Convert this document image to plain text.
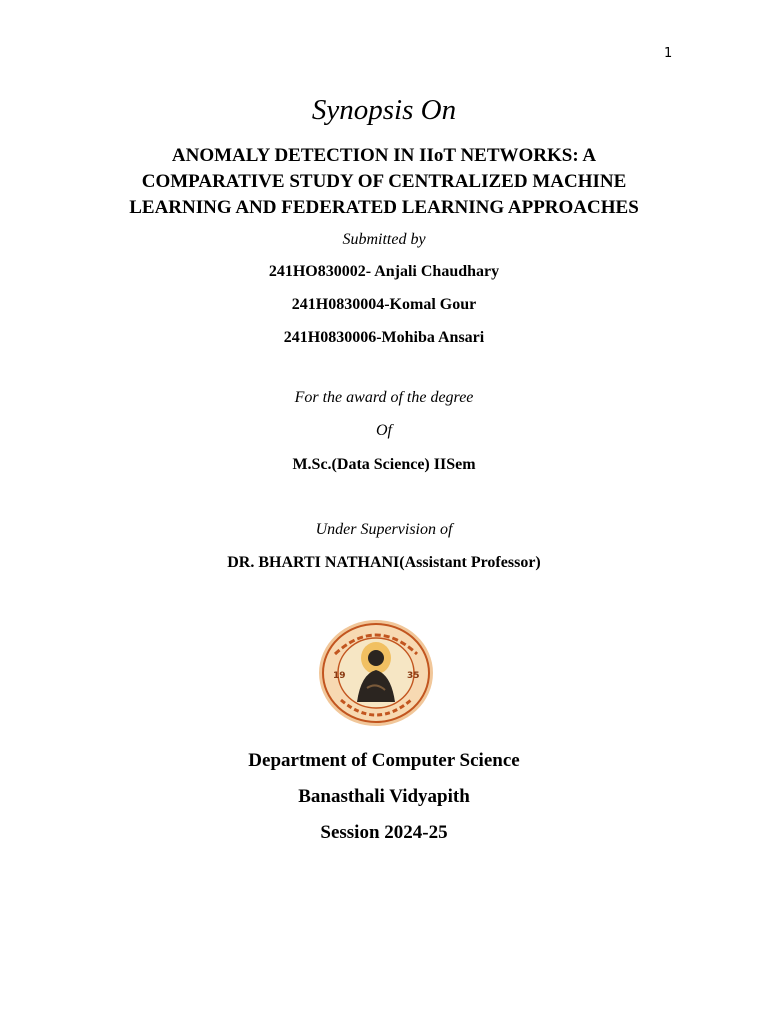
1
Synopsis On
ANOMALY DETECTION IN IIoT NETWORKS: A
COMPARATIVE STUDY OF CENTRALIZED MACHINE
LEARNING AND FEDERATED LEARNING APPROACHES
Submitted by
241HO830002- Anjali Chaudhary
241H0830004-Komal Gour
241H0830006-Mohiba Ansari
For the award of the degree
Of
M.Sc.(Data Science) IISem
Under Supervision of
DR. BHARTI NATHANI(Assistant Professor)
19	35
Department of Computer Science
Banasthali Vidyapith
Session 2024-25
